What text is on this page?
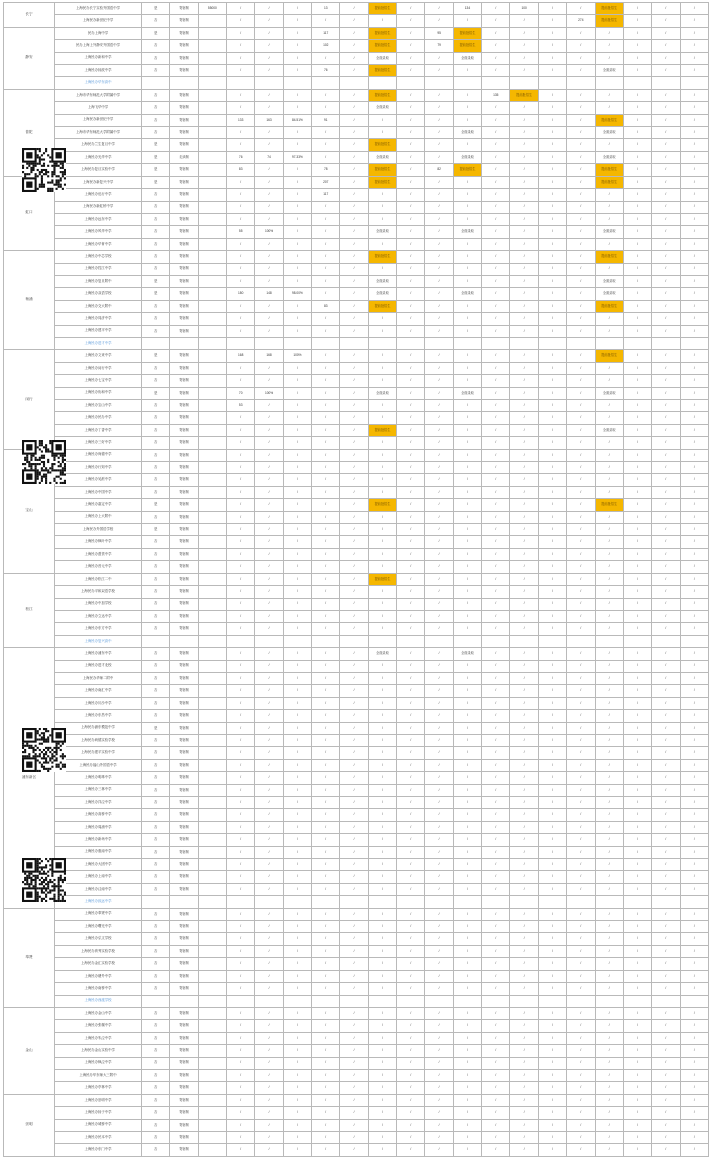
长宁	上海民办长宁实验外国语中学	是	寄宿制	55000	/	/	/	13	/	提前批招生	/	/	134	/	100	/	/	提前批招生	/	/	/
	上海民办新世纪中学	否	寄宿制		/	/	/	/	/	/	/	/	/	/	/	/	274	提前批招生	/	/	/
静安	民办上海中学	是	寄宿制		/	/	/	117	/	提前批招生	/	95	提前批招生	/	/	/	/	/	/	/	/
	民办上海上外静安外国语中学	否	寄宿制		/	/	/	102	/	提前批招生	/	79	提前批招生	/	/	/	/	/	/	/	/
	上海民办新和中学	否	寄宿制		/	/	/	/	/	全面录取	/	/	全面录取	/	/	/	/	/	/	/	/
	上海民办扬波中学	否	寄宿制		/	/	/	76	/	提前批招生	/	/	/	/	/	/	/	全面录取	/	/	/
	上海民办华东高中																				
普陀	上海市华东师范大学附属中学	否	寄宿制		/	/	/	/	/	提前批招生	/	/	/	135	提前批招生	/	/	/	/	/	/
	上海飞华中学	否	寄宿制		/	/	/	/	/	全面录取	/	/	/	/	/	/	/	/	/	/	/
	上海民办新世纪中学	否	寄宿制		133	163	84.51%	91	/	/	/	/	/	/	/	/	/	提前批招生	/	/	/
	上海市华东师范大学附属中学	否	寄宿制		/	/	/	/	/	/	/	/	全面录取	/	/	/	/	全面录取	/	/	/
	上海民办兰生复旦中学	是	寄宿制		/	/	/	/	/	提前批招生	/	/	/	/	/	/	/	/	/	/	/
	上海民办光华中学	是	走读制		76	74	97.33%	/	/	全面录取	/	/	全面录取	/	/	/	/	全面录取	/	/	/
	上海民办复旦实验中学	是	寄宿制		83	/	/	78	/	提前批招生	/	82	提前批招生	/	/	/	/	提前批招生	/	/	/
虹口	上海民办新复兴中学	是	寄宿制		/	/	/	207	/	提前批招生	/	/	/	/	/	/	/	提前批招生	/	/	/
	上海民办迅行中学	否	寄宿制		/	/	/	117	/	/	/	/	/	/	/	/	/	/	/	/	/
	上海民办新虹桥中学	否	寄宿制		/	/	/	/	/	/	/	/	/	/	/	/	/	/	/	/	/
	上海民办远东中学	否	寄宿制		/	/	/	/	/	/	/	/	/	/	/	/	/	/	/	/	/
	上海民办风华中学	否	寄宿制		55	100%	/	/	/	全面录取	/	/	全面录取	/	/	/	/	全面录取	/	/	/
	上海民办华育中学	否	寄宿制		/	/	/	/	/	/	/	/	/	/	/	/	/	/	/	/	/
杨浦	上海民办中芯学校	否	寄宿制		/	/	/	/	/	提前批招生	/	/	/	/	/	/	/	提前批招生	/	/	/
	上海民办控江中学	否	寄宿制		/	/	/	/	/	/	/	/	/	/	/	/	/	/	/	/	/
	上海民办复旦附中	是	寄宿制		/	/	/	/	/	全面录取	/	/	/	/	/	/	/	全面录取	/	/	/
	上海民办双语学校	是	寄宿制		180	148	98.00%	/	/	全面录取	/	/	全面录取	/	/	/	/	全面录取	/	/	/
	上海民办交大附中	否	寄宿制		/	/	/	83	/	提前批招生	/	/	/	/	/	/	/	提前批招生	/	/	/
	上海民办同济中学	否	寄宿制		/	/	/	/	/	/	/	/	/	/	/	/	/	/	/	/	/
	上海民办建平中学	否	寄宿制		/	/	/	/	/	/	/	/	/	/	/	/	/	/	/	/	/
	上海民办进才中学																				
闵行	上海民办文来中学	是	寄宿制		168	168	100%	/	/	/	/	/	/	/	/	/	/	提前批招生	/	/	/
	上海民办闵行中学	否	寄宿制		/	/	/	/	/	/	/	/	/	/	/	/	/	/	/	/	/
	上海民办七宝中学	否	寄宿制		/	/	/	/	/	/	/	/	/	/	/	/	/	/	/	/	/
	上海民办协和中学	是	寄宿制		70	100%	/	/	/	全面录取	/	/	全面录取	/	/	/	/	全面录取	/	/	/
	上海民办宝山中学	否	寄宿制		53	/	/	/	/	/	/	/	/	/	/	/	/	/	/	/	/
	上海民办民办中学	否	寄宿制		/	/	/	/	/	/	/	/	/	/	/	/	/	/	/	/	/
	上海民办丁香中学	否	寄宿制		/	/	/	/	/	提前批招生	/	/	/	/	/	/	/	全面录取	/	/	/
	上海民办三好中学	否	寄宿制		/	/	/	/	/	/	/	/	/	/	/	/	/	/	/	/	/
宝山	上海民办尚德中学	否	寄宿制		/	/	/	/	/	/	/	/	/	/	/	/	/	/	/	/	/
	上海民办行知中学	否	寄宿制		/	/	/	/	/	/	/	/	/	/	/	/	/	/	/	/	/
	上海民办吴淞中学	否	寄宿制		/	/	/	/	/	/	/	/	/	/	/	/	/	/	/	/	/
	上海民办中国中学	否	寄宿制		/	/	/	/	/	/	/	/	/	/	/	/	/	/	/	/	/
	上海民办嘉定中学	是	寄宿制		/	/	/	/	/	提前批招生	/	/	/	/	/	/	/	提前批招生	/	/	/
	上海民办上大附中	否	寄宿制		/	/	/	/	/	/	/	/	/	/	/	/	/	/	/	/	/
	上海民办外国语学校	是	寄宿制		/	/	/	/	/	/	/	/	/	/	/	/	/	/	/	/	/
	上海民办枫叶中学	否	寄宿制		/	/	/	/	/	/	/	/	/	/	/	/	/	/	/	/	/
	上海民办澄衷中学	否	寄宿制		/	/	/	/	/	/	/	/	/	/	/	/	/	/	/	/	/
	上海民办晋元中学	否	寄宿制		/	/	/	/	/	/	/	/	/	/	/	/	/	/	/	/	/
松江	上海民办松江二中	否	寄宿制		/	/	/	/	/	提前批招生	/	/	/	/	/	/	/	/	/	/	/
	上海民办平和双语学校	否	寄宿制		/	/	/	/	/	/	/	/	/	/	/	/	/	/	/	/	/
	上海民办中加学校	否	寄宿制		/	/	/	/	/	/	/	/	/	/	/	/	/	/	/	/	/
	上海民办立达中学	否	寄宿制		/	/	/	/	/	/	/	/	/	/	/	/	/	/	/	/	/
	上海民办东方中学	否	寄宿制		/	/	/	/	/	/	/	/	/	/	/	/	/	/	/	/	/
	上海民办复兴高中																				
浦东新区	上海民办浦东中学	否	寄宿制		/	/	/	/	/	全面录取	/	/	全面录取	/	/	/	/	/	/	/	/
	上海民办进才北校	否	寄宿制		/	/	/	/	/	/	/	/	/	/	/	/	/	/	/	/	/
	上海民办华师二附中	否	寄宿制		/	/	/	/	/	/	/	/	/	/	/	/	/	/	/	/	/
	上海民办南汇中学	否	寄宿制		/	/	/	/	/	/	/	/	/	/	/	/	/	/	/	/	/
	上海民办川沙中学	否	寄宿制		/	/	/	/	/	/	/	/	/	/	/	/	/	/	/	/	/
	上海民办东昌中学	否	寄宿制		/	/	/	/	/	/	/	/	/	/	/	/	/	/	/	/	/
	上海民办浦东模范中学	是	寄宿制		/	/	/	/	/	/	/	/	/	/	/	/	/	/	/	/	/
	上海民办尚德实验学校	否	寄宿制		/	/	/	/	/	/	/	/	/	/	/	/	/	/	/	/	/
	上海民办建平实验中学	否	寄宿制		/	/	/	/	/	/	/	/	/	/	/	/	/	/	/	/	/
	上海民办福山外国语中学	否	寄宿制		/	/	/	/	/	/	/	/	/	/	/	/	/	/	/	/	/
	上海民办明珠中学	否	寄宿制		/	/	/	/	/	/	/	/	/	/	/	/	/	/	/	/	/
	上海民办三林中学	否	寄宿制		/	/	/	/	/	/	/	/	/	/	/	/	/	/	/	/	/
	上海民办洋泾中学	否	寄宿制		/	/	/	/	/	/	/	/	/	/	/	/	/	/	/	/	/
	上海民办高桥中学	否	寄宿制		/	/	/	/	/	/	/	/	/	/	/	/	/	/	/	/	/
	上海民办周浦中学	否	寄宿制		/	/	/	/	/	/	/	/	/	/	/	/	/	/	/	/	/
	上海民办新场中学	否	寄宿制		/	/	/	/	/	/	/	/	/	/	/	/	/	/	/	/	/
	上海民办惠南中学	否	寄宿制		/	/	/	/	/	/	/	/	/	/	/	/	/	/	/	/	/
	上海民办大团中学	否	寄宿制		/	/	/	/	/	/	/	/	/	/	/	/	/	/	/	/	/
	上海民办上南中学	否	寄宿制		/	/	/	/	/	/	/	/	/	/	/	/	/	/	/	/	/
	上海民办泾南中学	否	寄宿制		/	/	/	/	/	/	/	/	/	/	/	/	/	/	/	/	/
	上海民办致远中学																				
奉贤	上海民办奉贤中学	否	寄宿制		/	/	/	/	/	/	/	/	/	/	/	/	/	/	/	/	/
	上海民办曙光中学	否	寄宿制		/	/	/	/	/	/	/	/	/	/	/	/	/	/	/	/	/
	上海民办弘文学校	否	寄宿制		/	/	/	/	/	/	/	/	/	/	/	/	/	/	/	/	/
	上海民办育秀实验学校	否	寄宿制		/	/	/	/	/	/	/	/	/	/	/	/	/	/	/	/	/
	上海民办金汇实验学校	否	寄宿制		/	/	/	/	/	/	/	/	/	/	/	/	/	/	/	/	/
	上海民办塘外中学	否	寄宿制		/	/	/	/	/	/	/	/	/	/	/	/	/	/	/	/	/
	上海民办南桥中学	否	寄宿制		/	/	/	/	/	/	/	/	/	/	/	/	/	/	/	/	/
	上海民办西渡学校																				
金山	上海民办金山中学	否	寄宿制		/	/	/	/	/	/	/	/	/	/	/	/	/	/	/	/	/
	上海民办张堰中学	否	寄宿制		/	/	/	/	/	/	/	/	/	/	/	/	/	/	/	/	/
	上海民办朱泾中学	否	寄宿制		/	/	/	/	/	/	/	/	/	/	/	/	/	/	/	/	/
	上海民办金山实验中学	否	寄宿制		/	/	/	/	/	/	/	/	/	/	/	/	/	/	/	/	/
	上海民办枫泾中学	否	寄宿制		/	/	/	/	/	/	/	/	/	/	/	/	/	/	/	/	/
	上海民办华东师大三附中	否	寄宿制		/	/	/	/	/	/	/	/	/	/	/	/	/	/	/	/	/
	上海民办亭林中学	否	寄宿制		/	/	/	/	/	/	/	/	/	/	/	/	/	/	/	/	/
崇明	上海民办崇明中学	否	寄宿制		/	/	/	/	/	/	/	/	/	/	/	/	/	/	/	/	/
	上海民办扬子中学	否	寄宿制		/	/	/	/	/	/	/	/	/	/	/	/	/	/	/	/	/
	上海民办城桥中学	否	寄宿制		/	/	/	/	/	/	/	/	/	/	/	/	/	/	/	/	/
	上海民办民本中学	否	寄宿制		/	/	/	/	/	/	/	/	/	/	/	/	/	/	/	/	/
	上海民办东门中学	否	寄宿制		/	/	/	/	/	/	/	/	/	/	/	/	/	/	/	/	/
